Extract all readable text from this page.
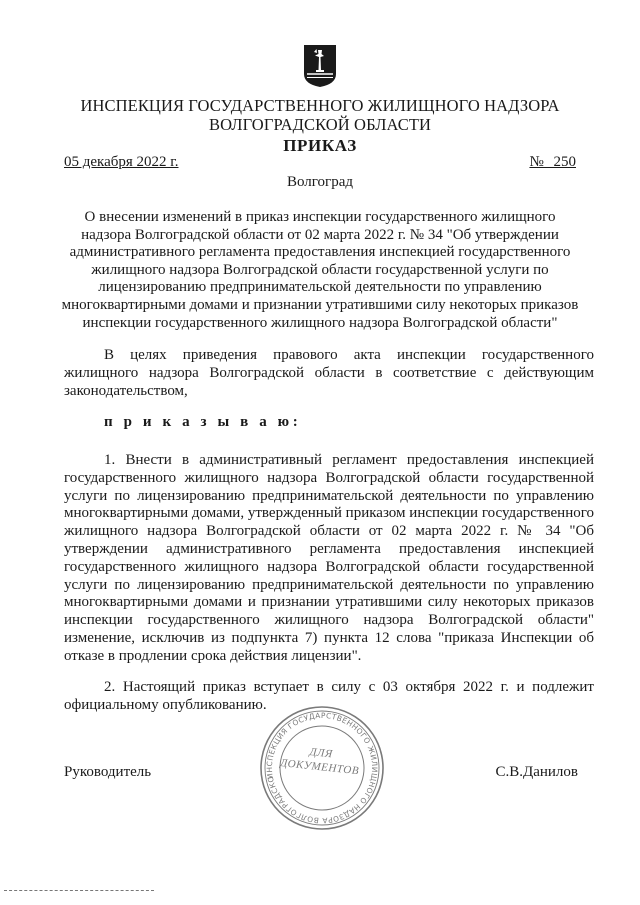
ИНСПЕКЦИЯ ГОСУДАРСТВЕННОГО ЖИЛИЩНОГО НАДЗОРА
ВОЛГОГРАДСКОЙ ОБЛАСТИ
ПРИКАЗ
05 декабря 2022 г.	№ 250
Волгоград
О внесении изменений в приказ инспекции государственного жилищного надзора Волгоградской области от 02 марта 2022 г. № 34 "Об утверждении административного регламента предоставления инспекцией государственного жилищного надзора Волгоградской области государственной услуги по лицензированию предпринимательской деятельности по управлению многоквартирными домами и признании утратившими силу некоторых приказов инспекции государственного жилищного надзора Волгоградской области"

В целях приведения правового акта инспекции государственного жилищного надзора Волгоградской области в соответствие с действующим законодательством,

п р и к а з ы в а ю:

1. Внести в административный регламент предоставления инспекцией государственного жилищного надзора Волгоградской области государственной услуги по лицензированию предпринимательской деятельности по управлению многоквартирными домами, утвержденный приказом инспекции государственного жилищного надзора Волгоградской области от 02 марта 2022 г. № 34 "Об утверждении административного регламента предоставления инспекцией государственного жилищного надзора Волгоградской области государственной услуги по лицензированию предпринимательской деятельности по управлению многоквартирными домами и признании утратившими силу некоторых приказов инспекции государственного жилищного надзора Волгоградской области" изменение, исключив из подпункта 7) пункта 12 слова "приказа Инспекции об отказе в продлении срока действия лицензии".

2. Настоящий приказ вступает в силу с 03 октября 2022 г. и подлежит официальному опубликованию.

Руководитель	С.В.Данилов
ИНСПЕКЦИЯ ГОСУДАРСТВЕННОГО ЖИЛИЩНОГО НАДЗОРА ВОЛГОГРАДСКОЙ ОБЛАСТИ
ДЛЯ
ДОКУМЕНТОВ
